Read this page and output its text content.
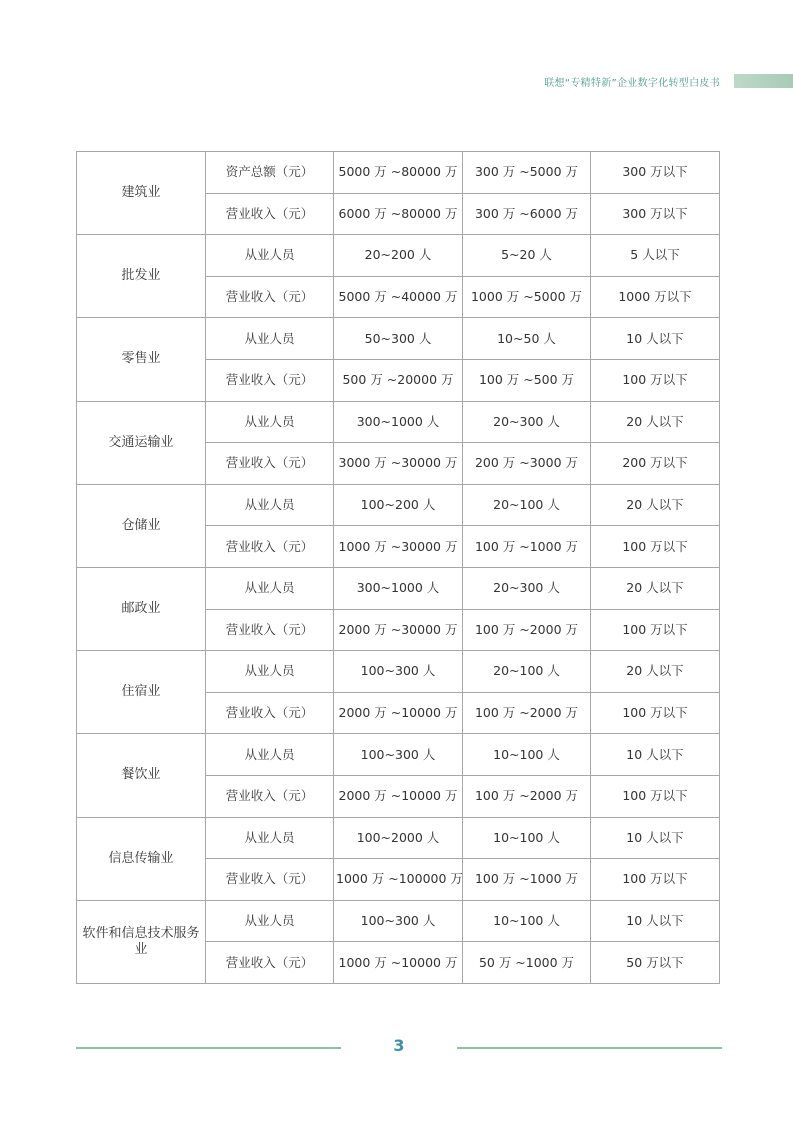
联想“专精特新”企业数字化转型白皮书
建筑业	资产总额（元）	5000 万 ~80000 万	300 万 ~5000 万	300 万以下
	营业收入（元）	6000 万 ~80000 万	300 万 ~6000 万	300 万以下
批发业	从业人员	20~200 人	5~20 人	5 人以下
	营业收入（元）	5000 万 ~40000 万	1000 万 ~5000 万	1000 万以下
零售业	从业人员	50~300 人	10~50 人	10 人以下
	营业收入（元）	500 万 ~20000 万	100 万 ~500 万	100 万以下
交通运输业	从业人员	300~1000 人	20~300 人	20 人以下
	营业收入（元）	3000 万 ~30000 万	200 万 ~3000 万	200 万以下
仓储业	从业人员	100~200 人	20~100 人	20 人以下
	营业收入（元）	1000 万 ~30000 万	100 万 ~1000 万	100 万以下
邮政业	从业人员	300~1000 人	20~300 人	20 人以下
	营业收入（元）	2000 万 ~30000 万	100 万 ~2000 万	100 万以下
住宿业	从业人员	100~300 人	20~100 人	20 人以下
	营业收入（元）	2000 万 ~10000 万	100 万 ~2000 万	100 万以下
餐饮业	从业人员	100~300 人	10~100 人	10 人以下
	营业收入（元）	2000 万 ~10000 万	100 万 ~2000 万	100 万以下
信息传输业	从业人员	100~2000 人	10~100 人	10 人以下
	营业收入（元）	1000 万 ~100000 万	100 万 ~1000 万	100 万以下
软件和信息技术服务业	从业人员	100~300 人	10~100 人	10 人以下
	营业收入（元）	1000 万 ~10000 万	50 万 ~1000 万	50 万以下
3
